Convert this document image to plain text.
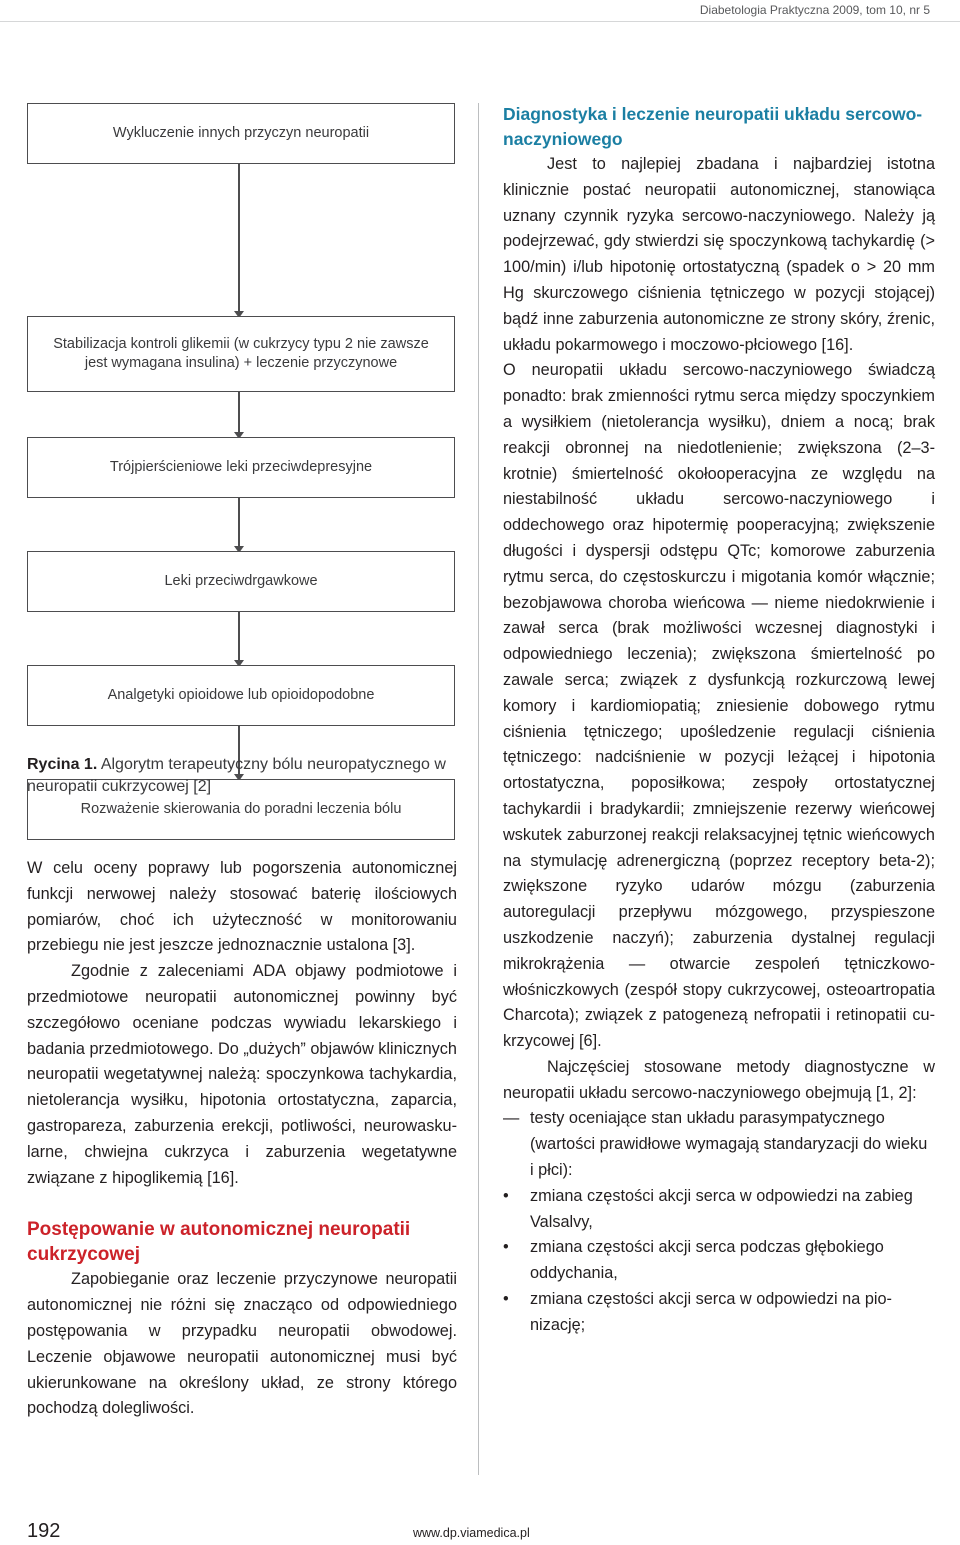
Diabetologia Praktyczna 2009, tom 10, nr 5
Wykluczenie innych przyczyn neuropatii
Stabilizacja kontroli glikemii (w cukrzycy typu 2 nie zawsze
jest wymagana insulina) + leczenie przyczynowe
Trójpierścieniowe leki przeciwdepresyjne
Leki przeciwdrgawkowe
Analgetyki opioidowe lub opioidopodobne
Rozważenie skierowania do poradni leczenia bólu
Rycina 1. Algorytm terapeutyczny bólu neuropatycznego w neuropatii cukrzycowej [2]

W celu oceny poprawy lub pogorszenia autonomicznej funkcji nerwowej należy stosować baterię ilościowych pomiarów, choć ich użyteczność w monitorowaniu przebiegu nie jest jeszcze jednoznacznie ustalona [3].

Zgodnie z zaleceniami ADA objawy podmiotowe i przedmiotowe neuropatii autonomicznej powinny być szczegółowo oceniane podczas wywiadu lekarskiego i badania przedmiotowego. Do „dużych” objawów klinicznych neuropatii wegetatywnej należą: spoczynkowa tachykardia, nietolerancja wysiłku, hipotonia ortostatyczna, zaparcia, gastropareza, zaburzenia erekcji, potliwości, neurowaskularne, chwiejna cukrzyca i zaburzenia wegetatywne związane z hipoglikemią [16].

Postępowanie w autonomicznej neuropatii cukrzycowej

Zapobieganie oraz leczenie przyczynowe neuropatii autonomicznej nie różni się znacząco od odpowiedniego postępowania w przypadku neuropatii obwodowej. Leczenie objawowe neuropatii autonomicznej musi być ukierunkowane na określony układ, ze strony którego pochodzą dolegliwości.

Diagnostyka i leczenie neuropatii układu sercowo-naczyniowego

Jest to najlepiej zbadana i najbardziej istotna klinicznie postać neuropatii autonomicznej, stanowiąca uznany czynnik ryzyka sercowo-naczyniowego. Należy ją podejrzewać, gdy stwierdzi się spoczynkową tachykardię (> 100/min) i/lub hipotonię ortostatyczną (spadek o > 20 mm Hg skurczowego ciśnienia tętniczego w pozycji stojącej) bądź inne zaburzenia autonomiczne ze strony skóry, źrenic, układu pokarmowego i moczowo-płciowego [16].

O neuropatii układu sercowo-naczyniowego świadczą ponadto: brak zmienności rytmu serca między spoczynkiem a wysiłkiem (nietolerancja wysiłku), dniem a nocą; brak reakcji obronnej na niedotlenienie; zwiększona (2–3-krotnie) śmiertelność okołooperacyjna ze względu na niestabilność układu sercowo-naczyniowego i oddechowego oraz hipotermię pooperacyjną; zwiększenie długości i dyspersji odstępu QTc; komorowe zaburzenia rytmu serca, do częstoskurczu i migotania komór włącznie; bezobjawowa choroba wieńcowa — nieme niedokrwienie i zawał serca (brak możliwości wczesnej diagnostyki i odpowiedniego leczenia); zwiększona śmiertelność po zawale serca; związek z dysfunkcją rozkurczową lewej komory i kardiomiopatią; zniesienie dobowego rytmu ciśnienia tętniczego; upośledzenie regulacji ciśnienia tętniczego: nadciśnienie w pozycji leżącej i hipotonia ortostatyczna, poposiłkowa; zespoły ortostatycznej tachykardii i bradykardii; zmniejszenie rezerwy wieńcowej wskutek zaburzonej reakcji relaksacyjnej tętnic wieńcowych na stymulację adrenergiczną (poprzez receptory beta-2); zwiększone ryzyko udarów mózgu (zaburzenia autoregulacji przepływu mózgowego, przyspieszone uszkodzenie naczyń); zaburzenia dystalnej regulacji mikrokrążenia — otwarcie zespoleń tętniczkowo-włośniczkowych (zespół stopy cukrzycowej, osteoartropatia Charcota); związek z patogenezą nefropatii i retinopatii cukrzycowej [6].

Najczęściej stosowane metody diagnostyczne w neuropatii układu sercowo-naczyniowego obejmują [1, 2]:

— testy oceniające stan układu parasympatycznego (wartości prawidłowe wymagają standaryzacji do wieku i płci):
• zmiana częstości akcji serca w odpowiedzi na zabieg Valsalvy,
• zmiana częstości akcji serca podczas głębokiego oddychania,
• zmiana częstości akcji serca w odpowiedzi na pionizację;
192	www.dp.viamedica.pl
